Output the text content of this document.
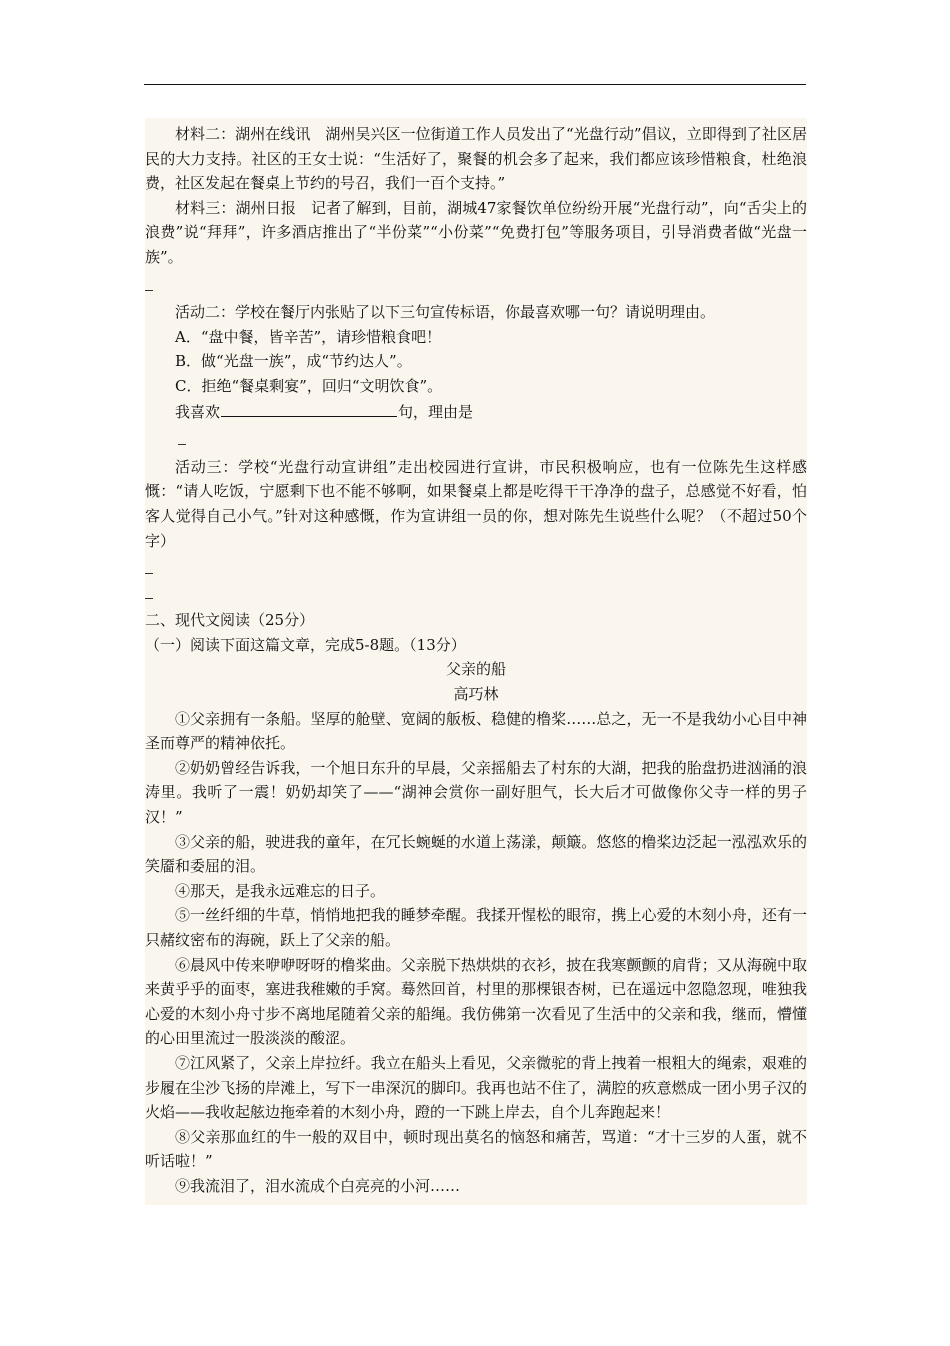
材料二：湖州在线讯　湖州吴兴区一位街道工作人员发出了“光盘行动”倡议，立即得到了社区居民的大力支持。社区的王女士说：“生活好了，聚餐的机会多了起来，我们都应该珍惜粮食，杜绝浪费，社区发起在餐桌上节约的号召，我们一百个支持。”

材料三：湖州日报　记者了解到，目前，湖城47家餐饮单位纷纷开展“光盘行动”，向“舌尖上的浪费”说“拜拜”，许多酒店推出了“半份菜”“小份菜”“免费打包”等服务项目，引导消费者做“光盘一族”。

活动二：学校在餐厅内张贴了以下三句宣传标语，你最喜欢哪一句？请说明理由。

A．“盘中餐，皆辛苦”，请珍惜粮食吧！

B．做“光盘一族”，成“节约达人”。

C．拒绝“餐桌剩宴”，回归“文明饮食”。

我喜欢	句，理由是

活动三：学校“光盘行动宣讲组”走出校园进行宣讲，市民积极响应，也有一位陈先生这样感慨：“请人吃饭，宁愿剩下也不能不够啊，如果餐桌上都是吃得干干净净的盘子，总感觉不好看，怕客人觉得自己小气。”针对这种感慨，作为宣讲组一员的你，想对陈先生说些什么呢？（不超过50个字）

二、现代文阅读（25分）

（一）阅读下面这篇文章，完成5-8题。（13分）

父亲的船

高巧林

①父亲拥有一条船。坚厚的舱壁、宽阔的舨板、稳健的橹桨……总之，无一不是我幼小心目中神圣而尊严的精神依托。

②奶奶曾经告诉我，一个旭日东升的早晨，父亲摇船去了村东的大湖，把我的胎盘扔进汹涌的浪涛里。我听了一震！奶奶却笑了——“湖神会赏你一副好胆气，长大后才可做像你父寺一样的男子汉！”

③父亲的船，驶进我的童年，在冗长蜿蜒的水道上荡漾，颠簸。悠悠的橹桨边泛起一泓泓欢乐的笑靥和委屈的泪。

④那天，是我永远难忘的日子。

⑤一丝纤细的牛草，悄悄地把我的睡梦牵醒。我揉开惺松的眼帘，携上心爱的木刻小舟，还有一只赭纹密布的海碗，跃上了父亲的船。

⑥晨风中传来咿咿呀呀的橹桨曲。父亲脱下热烘烘的衣衫，披在我寒颤颤的肩背；又从海碗中取来黄乎乎的面枣，塞进我稚嫩的手窝。蓦然回首，村里的那棵银杏树，已在遥远中忽隐忽现，唯独我心爱的木刻小舟寸步不离地尾随着父亲的船绳。我仿佛第一次看见了生活中的父亲和我，继而，懵懂的心田里流过一股淡淡的酸涩。

⑦江风紧了，父亲上岸拉纤。我立在船头上看见，父亲微驼的背上拽着一根粗大的绳索，艰难的步履在尘沙飞扬的岸滩上，写下一串深沉的脚印。我再也站不住了，满腔的疚意燃成一团小男子汉的火焰——我收起舷边拖牵着的木刻小舟，蹬的一下跳上岸去，自个儿奔跑起来！

⑧父亲那血红的牛一般的双目中，顿时现出莫名的恼怒和痛苦，骂道：“才十三岁的人蛋，就不听话啦！”

⑨我流泪了，泪水流成个白亮亮的小河……
